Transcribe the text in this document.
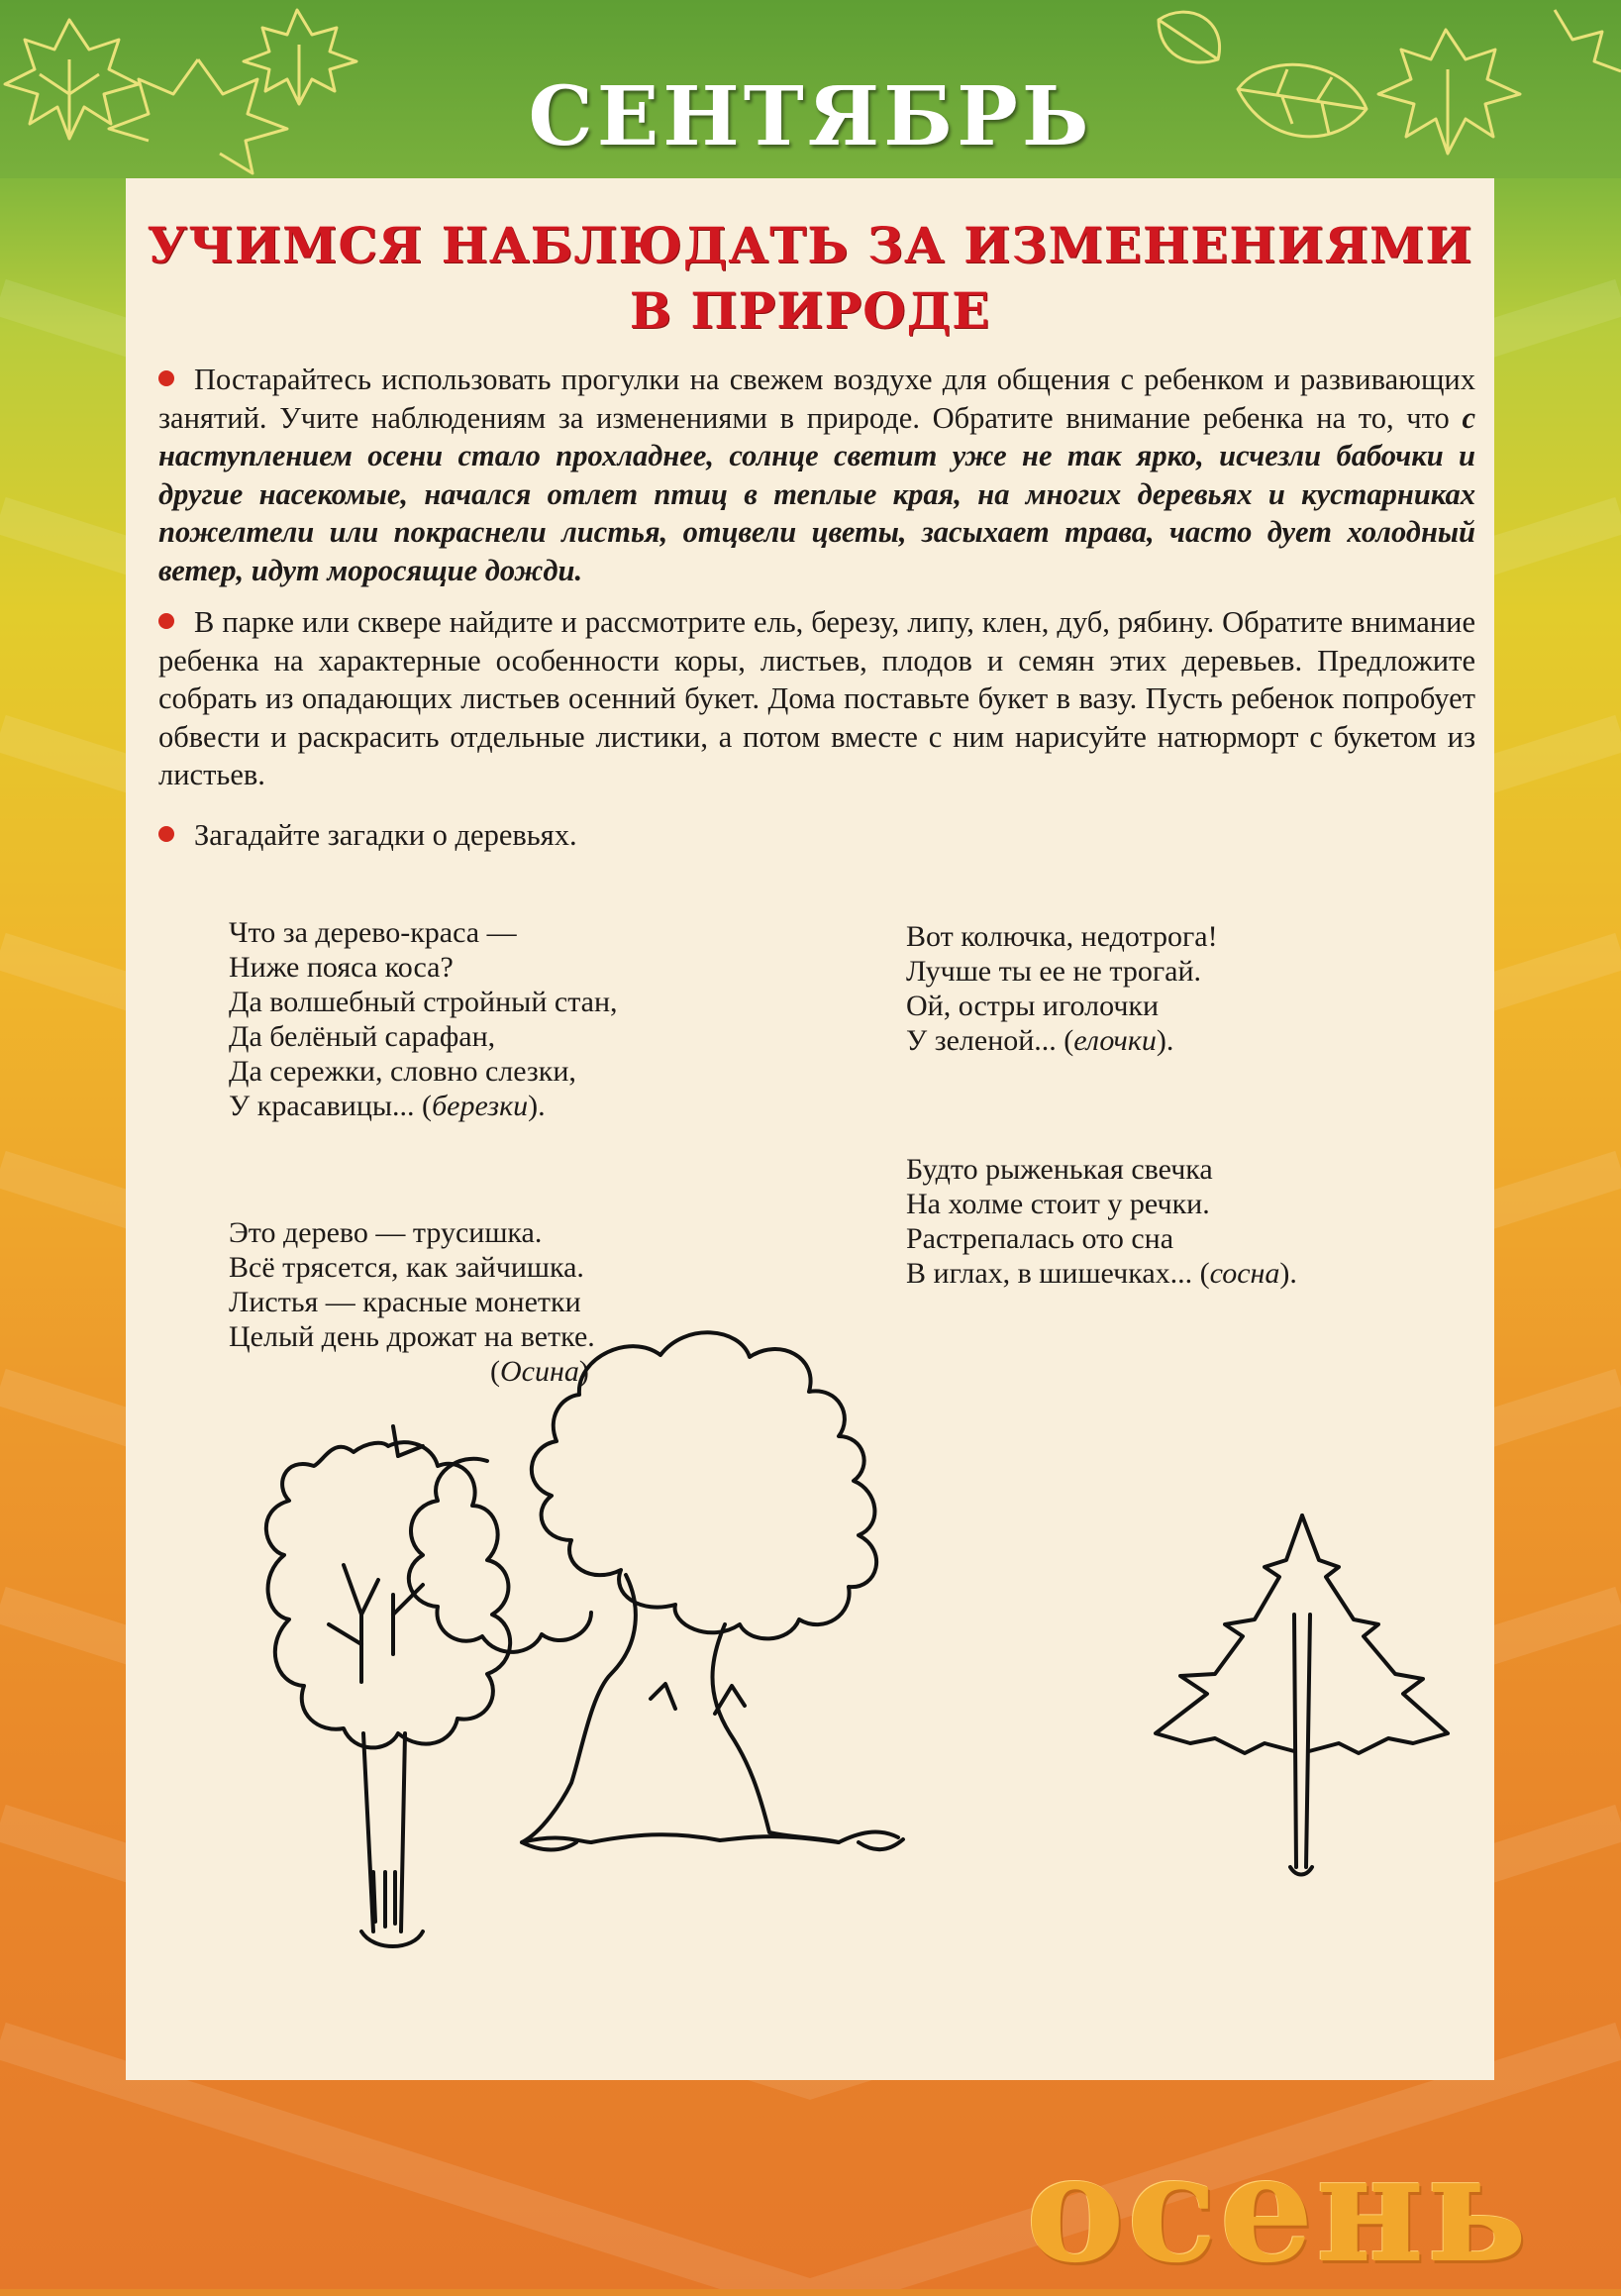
СЕНТЯБРЬ
УЧИМСЯ НАБЛЮДАТЬ ЗА ИЗМЕНЕНИЯМИ
В ПРИРОДЕ
Постарайтесь использовать прогулки на свежем воздухе для общения с ребенком и развивающих занятий. Учите наблюдениям за изменениями в природе. Обратите внимание ребенка на то, что с наступлением осени стало прохладнее, солнце светит уже не так ярко, исчезли бабочки и другие насекомые, начался отлет птиц в теплые края, на многих деревьях и кустарниках пожелтели или покраснели листья, отцвели цветы, засыхает трава, часто дует холодный ветер, идут моросящие дожди.
В парке или сквере найдите и рассмотрите ель, березу, липу, клен, дуб, рябину. Обратите внимание ребенка на характерные особенности коры, листьев, плодов и семян этих деревьев. Предложите собрать из опадающих листьев осенний букет. Дома поставьте букет в вазу. Пусть ребенок попробует обвести и раскрасить отдельные листики, а потом вместе с ним нарисуйте натюрморт с букетом из листьев.
Загадайте загадки о деревьях.
Что за дерево-краса —
Ниже пояса коса?
Да волшебный стройный стан,
Да белёный сарафан,
Да сережки, словно слезки,
У красавицы... (березки).
Вот колючка, недотрога!
Лучше ты ее не трогай.
Ой, остры иголочки
У зеленой... (елочки).
Это дерево — трусишка.
Всё трясется, как зайчишка.
Листья — красные монетки
Целый день дрожат на ветке.
(Осина)
Будто рыженькая свечка
На холме стоит у речки.
Растрепалась ото сна
В иглах, в шишечках... (сосна).
осень
